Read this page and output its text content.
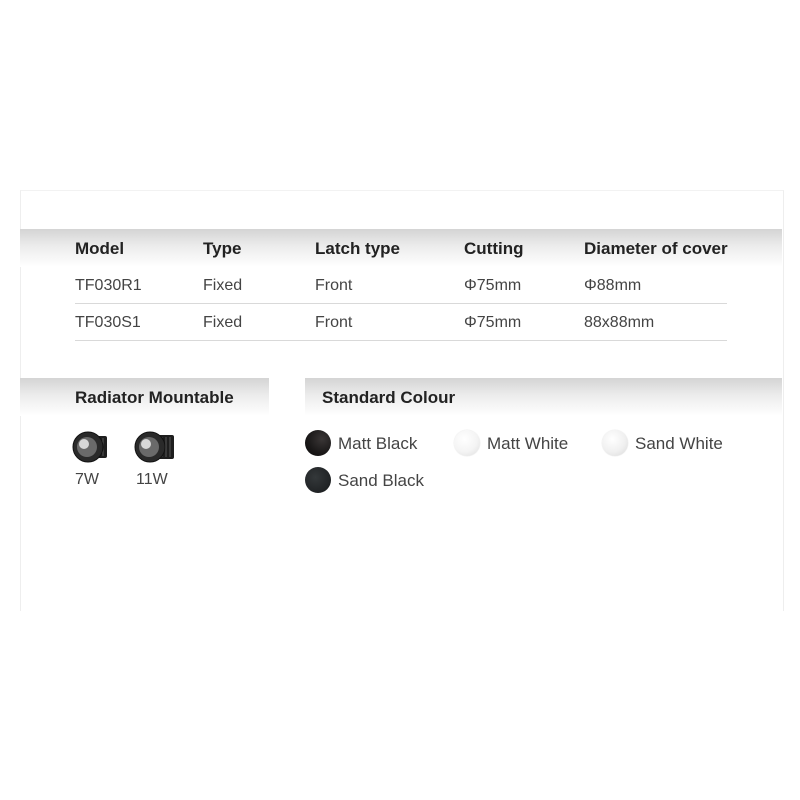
Model	Type	Latch type	Cutting	Diameter of cover
TF030R1	Fixed	Front	Φ75mm	Φ88mm
TF030S1	Fixed	Front	Φ75mm	88x88mm
Radiator Mountable
7W 11W
Standard Colour
Matt Black	Matt White	Sand White
Sand Black
